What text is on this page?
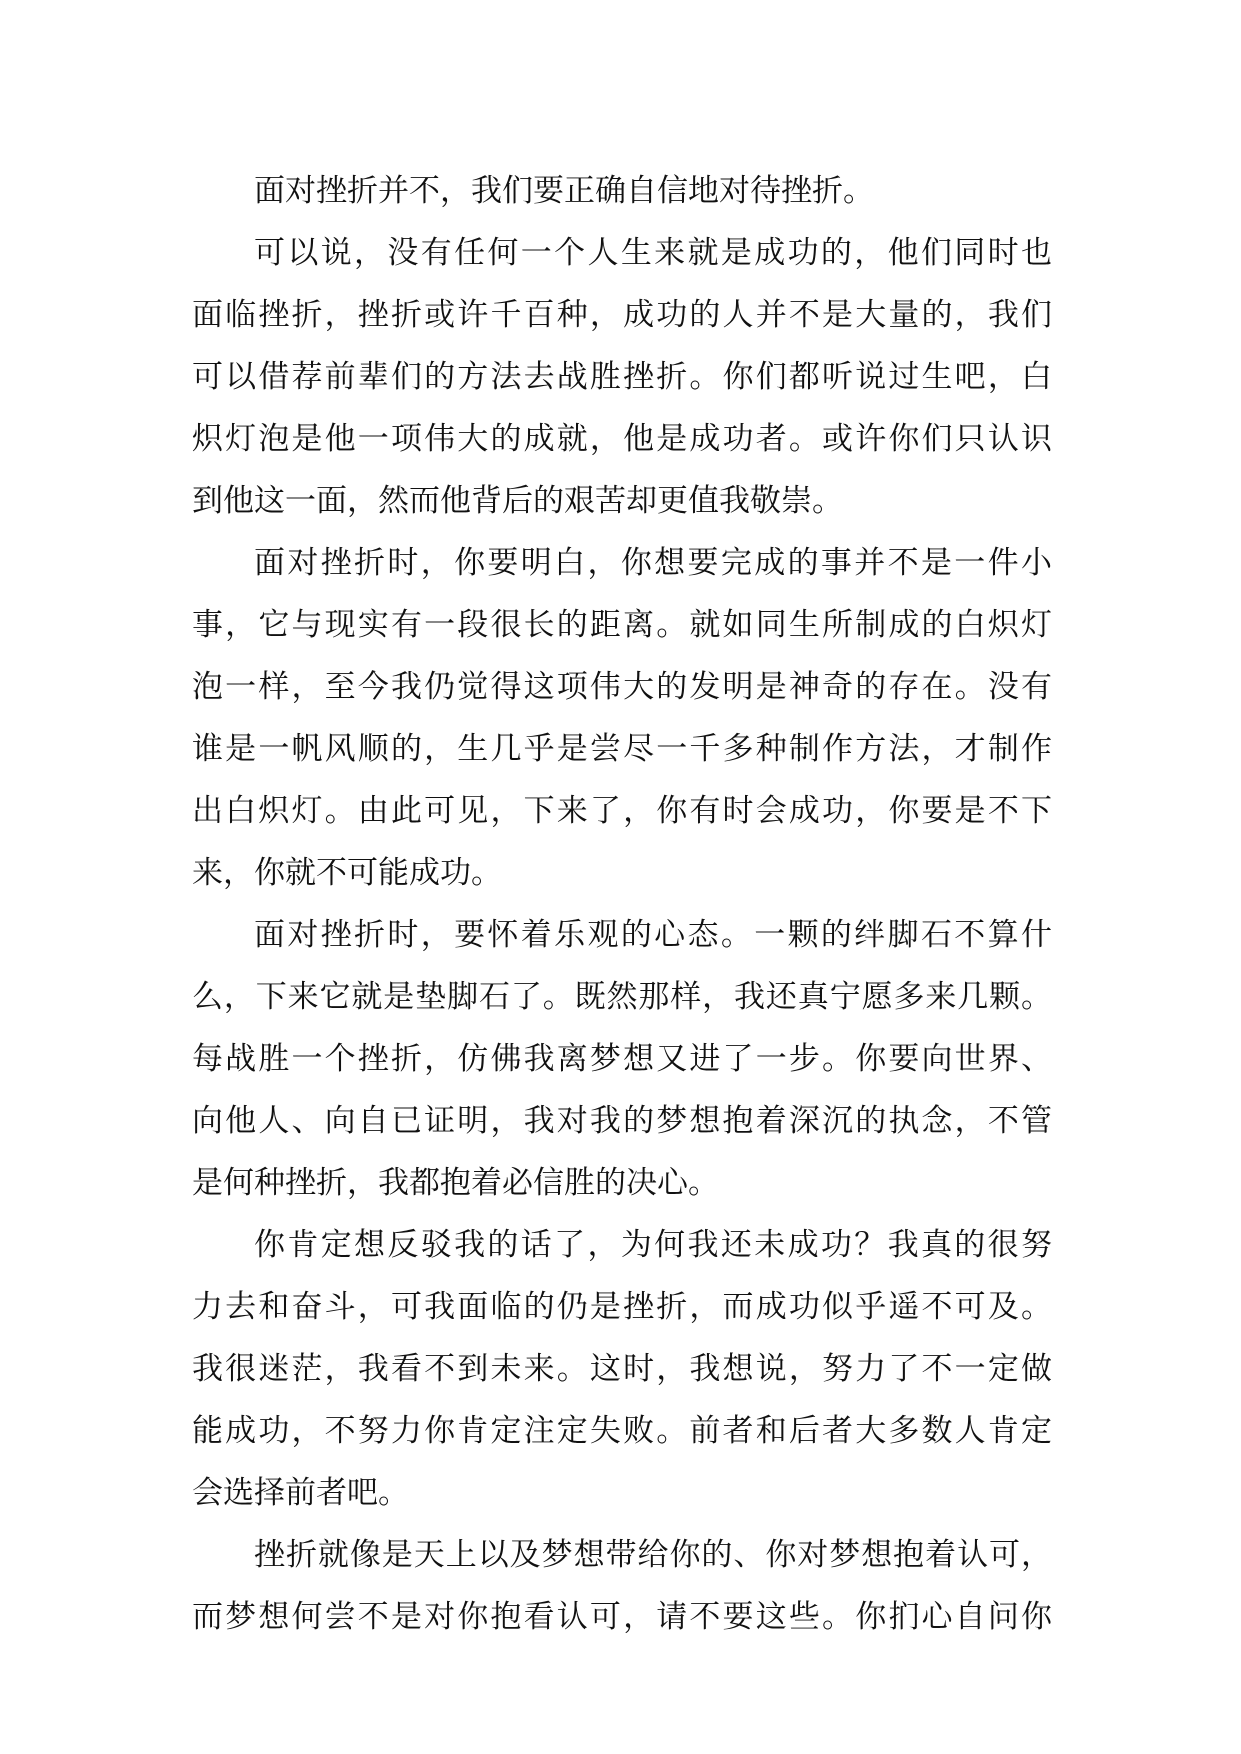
面对挫折并不，我们要正确自信地对待挫折。
可以说，没有任何一个人生来就是成功的，他们同时也
面临挫折，挫折或许千百种，成功的人并不是大量的，我们
可以借荐前辈们的方法去战胜挫折。你们都听说过生吧，白
炽灯泡是他一项伟大的成就，他是成功者。或许你们只认识
到他这一面，然而他背后的艰苦却更值我敬崇。
面对挫折时，你要明白，你想要完成的事并不是一件小
事，它与现实有一段很长的距离。就如同生所制成的白炽灯
泡一样，至今我仍觉得这项伟大的发明是神奇的存在。没有
谁是一帆风顺的，生几乎是尝尽一千多种制作方法，才制作
出白炽灯。由此可见，下来了，你有时会成功，你要是不下
来，你就不可能成功。
面对挫折时，要怀着乐观的心态。一颗的绊脚石不算什
么，下来它就是垫脚石了。既然那样，我还真宁愿多来几颗。
每战胜一个挫折，仿佛我离梦想又进了一步。你要向世界、
向他人、向自已证明，我对我的梦想抱着深沉的执念，不管
是何种挫折，我都抱着必信胜的决心。
你肯定想反驳我的话了，为何我还未成功？我真的很努
力去和奋斗，可我面临的仍是挫折，而成功似乎遥不可及。
我很迷茫，我看不到未来。这时，我想说，努力了不一定做
能成功，不努力你肯定注定失败。前者和后者大多数人肯定
会选择前者吧。
挫折就像是天上以及梦想带给你的、你对梦想抱着认可，
而梦想何尝不是对你抱看认可，请不要这些。你扪心自问你
